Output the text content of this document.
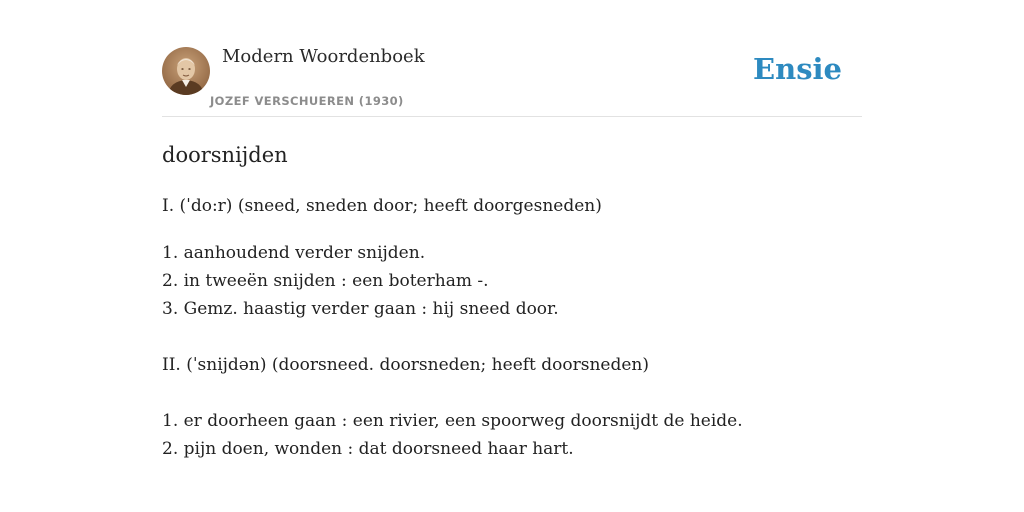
Modern Woordenboek
JOZEF VERSCHUEREN (1930)
Ensie
doorsnijden
I. (ˈdo:r) (sneed, sneden door; heeft doorgesneden)
1. aanhoudend verder snijden.
2. in tweeën snijden : een boterham -.
3. Gemz. haastig verder gaan : hij sneed door.
II. (ˈsnijdən) (doorsneed. doorsneden; heeft doorsneden)
1. er doorheen gaan : een rivier, een spoorweg doorsnijdt de heide.
2. pijn doen, wonden : dat doorsneed haar hart.
